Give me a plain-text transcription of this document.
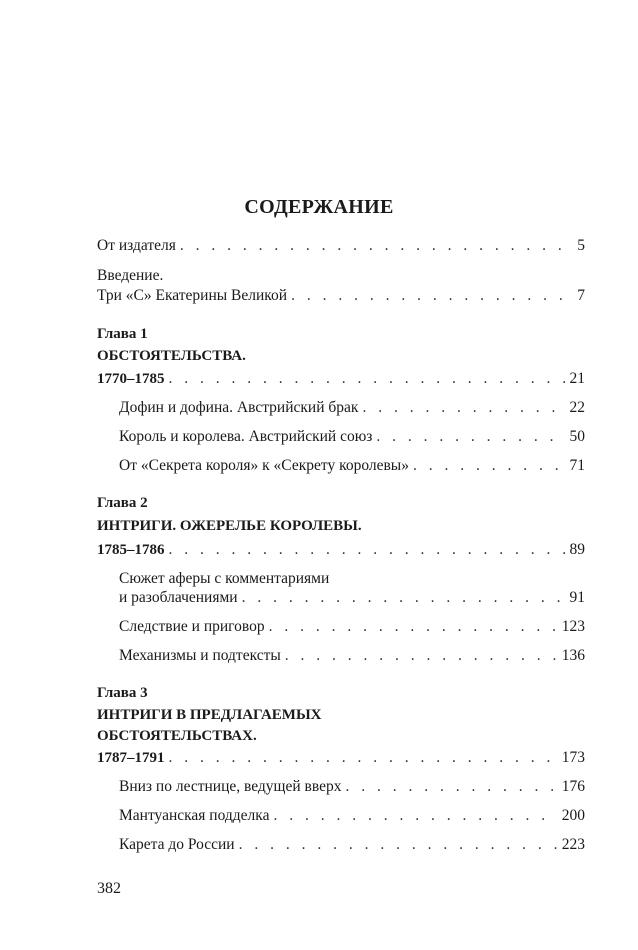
СОДЕРЖАНИЕ
От издателя . . .	5
Введение.
Три «С» Екатерины Великой . . .	7
Глава 1
ОБСТОЯТЕЛЬСТВА.
1770–1785 . . .	21
Дофин и дофина. Австрийский брак . . .	22
Король и королева. Австрийский союз . . .	50
От «Секрета короля» к «Секрету королевы» . . .	71
Глава 2
ИНТРИГИ. ОЖЕРЕЛЬЕ КОРОЛЕВЫ.
1785–1786 . . .	89
Сюжет аферы с комментариями
и разоблачениями . . .	91
Следствие и приговор . . .	123
Механизмы и подтексты . . .	136
Глава 3
ИНТРИГИ В ПРЕДЛАГАЕМЫХ
ОБСТОЯТЕЛЬСТВАХ.
1787–1791 . . .	173
Вниз по лестнице, ведущей вверх . . .	176
Мантуанская подделка . . .	200
Карета до России . . .	223
382
